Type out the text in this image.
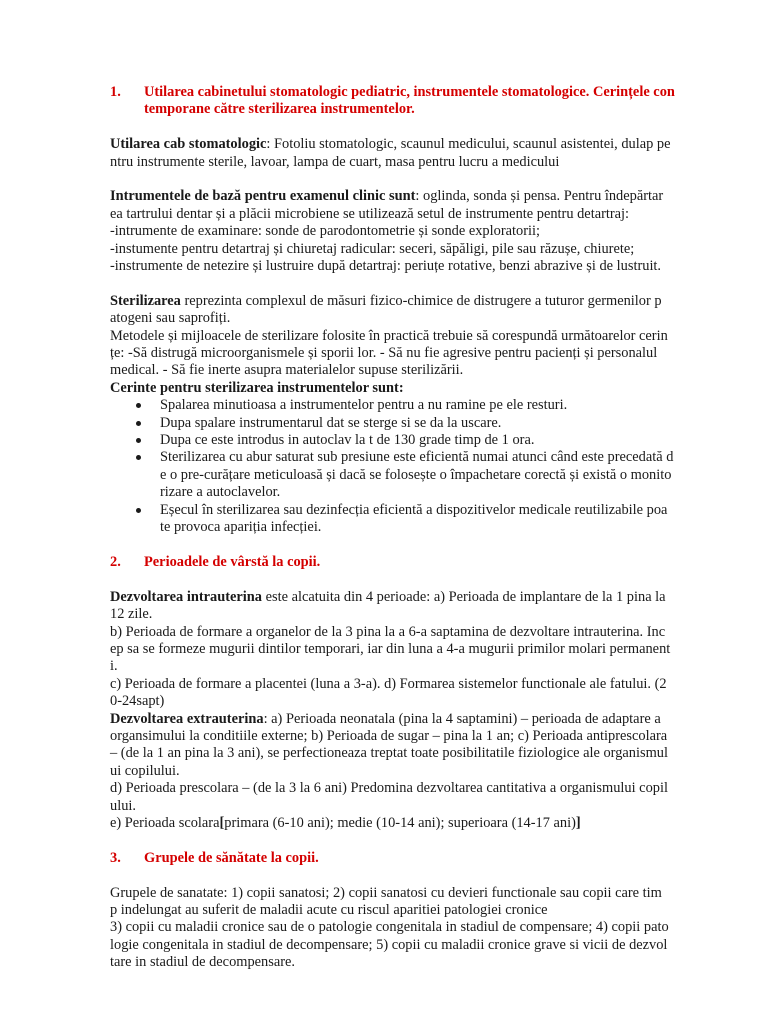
1.	Utilarea cabinetului stomatologic pediatric, instrumentele stomatologice. Cerințele con
temporane către sterilizarea instrumentelor.

Utilarea cab stomatologic: Fotoliu stomatologic, scaunul medicului, scaunul asistentei, dulap pe
ntru instrumente sterile, lavoar, lampa de cuart, masa pentru lucru a medicului

Intrumentele de bază pentru examenul clinic sunt: oglinda, sonda și pensa. Pentru îndepărtar
ea tartrului dentar și a plăcii microbiene se utilizează setul de instrumente pentru detartraj:
-intrumente de examinare: sonde de parodontometrie și sonde exploratorii;
-instumente pentru detartraj și chiuretaj radicular: seceri, săpăligi, pile sau răzușe, chiurete;
-instrumente de netezire și lustruire după detartraj: periuțe rotative, benzi abrazive și de lustruit.

Sterilizarea reprezinta complexul de măsuri fizico-chimice de distrugere a tuturor germenilor p
atogeni sau saprofiți.
Metodele și mijloacele de sterilizare folosite în practică trebuie să corespundă următoarelor cerin
țe: -Să distrugă microorganismele și sporii lor. - Să nu fie agresive pentru pacienți și personalul
medical. - Să fie inerte asupra materialelor supuse sterilizării.

Cerinte pentru sterilizarea instrumentelor sunt:

Spalarea minutioasa a instrumentelor pentru a nu ramine pe ele resturi.
Dupa spalare instrumentarul dat se sterge si se da la uscare.
Dupa ce este introdus in autoclav la t de 130 grade timp de 1 ora.
Sterilizarea cu abur saturat sub presiune este eficientă numai atunci când este precedată d
e o pre-curățare meticuloasă și dacă se folosește o împachetare corectă și există o monito
rizare a autoclavelor.
Eșecul în sterilizarea sau dezinfecția eficientă a dispozitivelor medicale reutilizabile poa
te provoca apariția infecției.
2.	Perioadele de vârstă la copii.

Dezvoltarea intrauterina este alcatuita din 4 perioade: a) Perioada de implantare de la 1 pina la
12 zile.
b) Perioada de formare a organelor de la 3 pina la a 6-a saptamina de dezvoltare intrauterina. Inc
ep sa se formeze mugurii dintilor temporari, iar din luna a 4-a mugurii primilor molari permanent
i.
c) Perioada de formare a placentei (luna a 3-a). d) Formarea sistemelor functionale ale fatului. (2
0-24sapt)

Dezvoltarea extrauterina: a) Perioada neonatala (pina la 4 saptamini) – perioada de adaptare a
organsimului la conditiile externe; b) Perioada de sugar – pina la 1 an; c) Perioada antiprescolara
– (de la 1 an pina la 3 ani), se perfectioneaza treptat toate posibilitatile fiziologice ale organismul
ui copilului.
d) Perioada prescolara – (de la 3 la 6 ani) Predomina dezvoltarea cantitativa a organismului copil
ului.
e) Perioada scolara[primara (6-10 ani); medie (10-14 ani); superioara (14-17 ani)]

3.	Grupele de sănătate la copii.

Grupele de sanatate: 1) copii sanatosi; 2) copii sanatosi cu devieri functionale sau copii care tim
p indelungat au suferit de maladii acute cu riscul aparitiei patologiei cronice
3) copii cu maladii cronice sau de o patologie congenitala in stadiul de compensare; 4) copii pato
logie congenitala in stadiul de decompensare; 5) copii cu maladii cronice grave si vicii de dezvol
tare in stadiul de decompensare.
